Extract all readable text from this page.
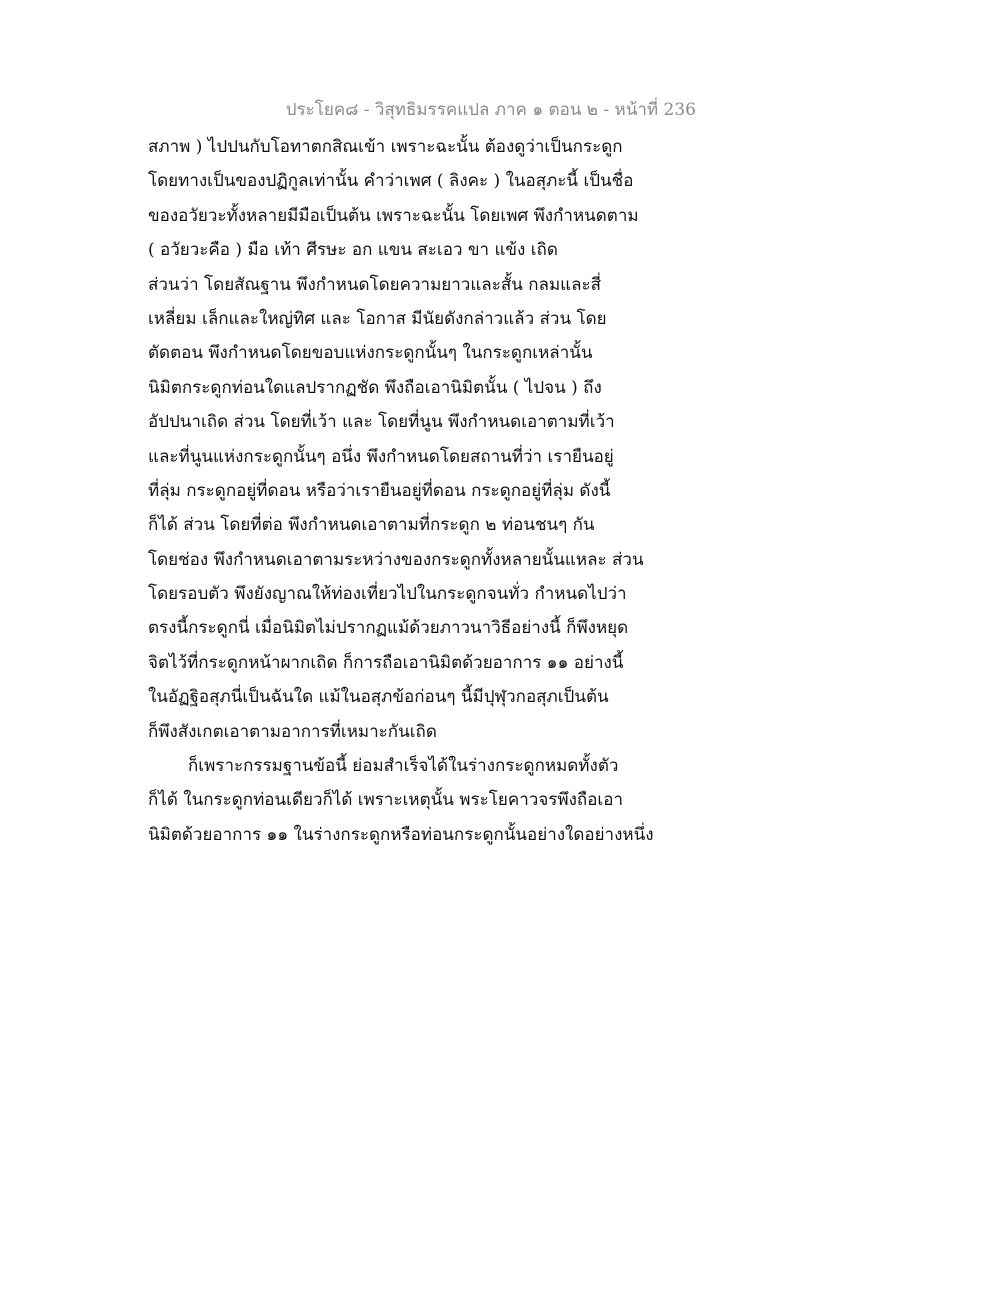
ประโยค๘ - วิสุทธิมรรคแปล ภาค ๑ ตอน ๒ - หน้าที่ 236
สภาพ ) ไปปนกับโอทาตกสิณเข้า เพราะฉะนั้น ต้องดูว่าเป็นกระดูก
โดยทางเป็นของปฏิกูลเท่านั้น คำว่าเพศ ( ลิงคะ ) ในอสุภะนี้ เป็นชื่อ
ของอวัยวะทั้งหลายมีมือเป็นต้น เพราะฉะนั้น โดยเพศ พึงกำหนดตาม
( อวัยวะคือ ) มือ เท้า ศีรษะ อก แขน สะเอว ขา แข้ง เถิด
ส่วนว่า โดยสัณฐาน พึงกำหนดโดยความยาวและสั้น กลมและสี่
เหลี่ยม เล็กและใหญ่ทิศ และ โอกาส มีนัยดังกล่าวแล้ว ส่วน โดย
ตัดตอน พึงกำหนดโดยขอบแห่งกระดูกนั้นๆ ในกระดูกเหล่านั้น
นิมิตกระดูกท่อนใดแลปรากฏชัด พึงถือเอานิมิตนั้น ( ไปจน ) ถึง
อัปปนาเถิด ส่วน โดยที่เว้า และ โดยที่นูน พึงกำหนดเอาตามที่เว้า
และที่นูนแห่งกระดูกนั้นๆ อนึ่ง พึงกำหนดโดยสถานที่ว่า เรายืนอยู่
ที่ลุ่ม กระดูกอยู่ที่ดอน หรือว่าเรายืนอยู่ที่ดอน กระดูกอยู่ที่ลุ่ม ดังนี้
ก็ได้ ส่วน โดยที่ต่อ พึงกำหนดเอาตามที่กระดูก ๒ ท่อนชนๆ กัน
โดยช่อง พึงกำหนดเอาตามระหว่างของกระดูกทั้งหลายนั้นแหละ ส่วน
โดยรอบตัว พึงยังญาณให้ท่องเที่ยวไปในกระดูกจนทั่ว กำหนดไปว่า
ตรงนี้กระดูกนี่ เมื่อนิมิตไม่ปรากฏแม้ด้วยภาวนาวิธีอย่างนี้ ก็พึงหยุด
จิตไว้ที่กระดูกหน้าผากเถิด ก็การถือเอานิมิตด้วยอาการ ๑๑ อย่างนี้
ในอัฏฐิอสุภนี่เป็นฉันใด แม้ในอสุภข้อก่อนๆ นี้มีปุฬุวกอสุภเป็นต้น
ก็พึงสังเกตเอาตามอาการที่เหมาะกันเถิด
ก็เพราะกรรมฐานข้อนี้ ย่อมสำเร็จได้ในร่างกระดูกหมดทั้งตัว
ก็ได้ ในกระดูกท่อนเดียวก็ได้ เพราะเหตุนั้น พระโยคาวจรพึงถือเอา
นิมิตด้วยอาการ ๑๑ ในร่างกระดูกหรือท่อนกระดูกนั้นอย่างใดอย่างหนึ่ง
